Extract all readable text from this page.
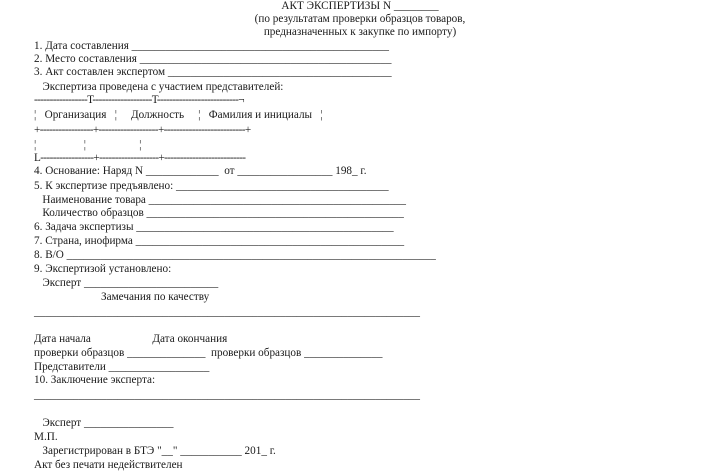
АКТ ЭКСПЕРТИЗЫ N ________
(по результатам проверки образцов товаров,
предназначенных к закупке по импорту)
1. Дата составления ______________________________________________
2. Место составления _____________________________________________
3. Акт составлен экспертом ________________________________________
Экспертиза проведена с участием представителей:
-----------------T-------------------T--------------------------¬
¦   Организация   ¦     Должность     ¦   Фамилия и инициалы   ¦
+-----------------+-------------------+--------------------------+
¦                 ¦                   ¦
L-----------------+-------------------+--------------------------
4. Основание: Наряд N _____________  от _________________ 198_ г.
5. К экспертизе предъявлено: ______________________________________
Наименование товара ______________________________________________
Количество образцов ______________________________________________
6. Задача экспертизы ______________________________________________
7. Страна, инофирма ________________________________________________
8. В/О __________________________________________________________________
9. Экспертизой установлено:
Эксперт ________________________
Замечания по качеству
_____________________________________________________________________
Дата начала                      Дата окончания
проверки образцов ______________  проверки образцов ______________
Представители __________________
10. Заключение эксперта:
_____________________________________________________________________
Эксперт ________________
М.П.
Зарегистрирован в БТЭ "__" ___________ 201_ г.
Акт без печати недействителен
